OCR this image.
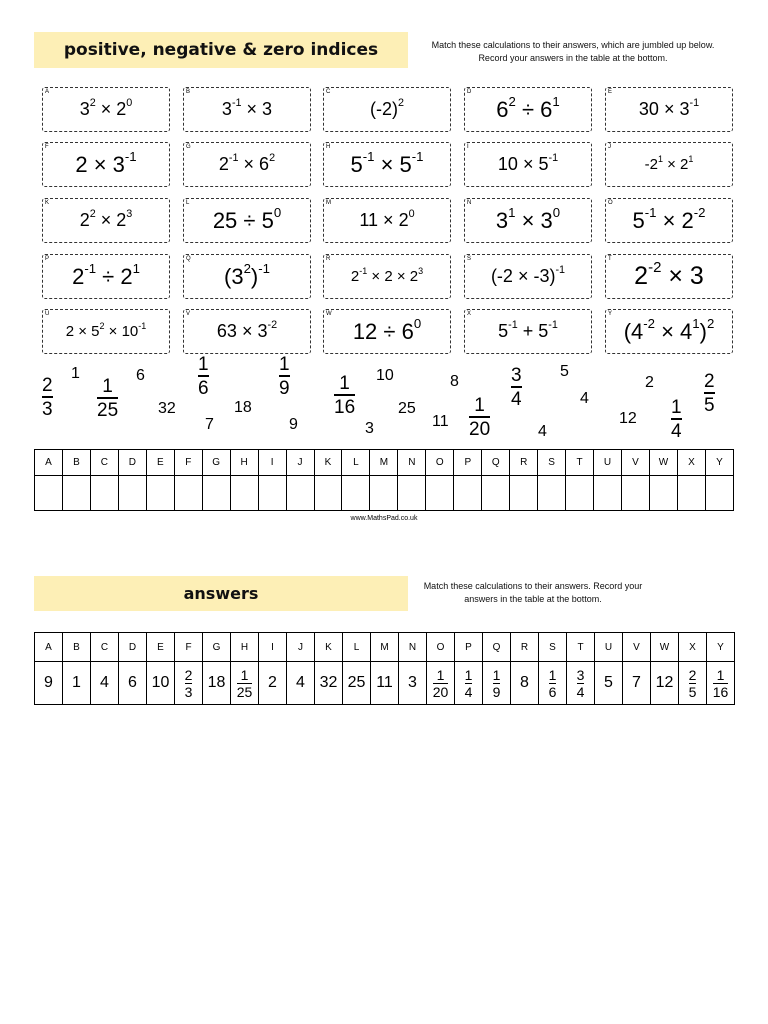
positive, negative & zero indices	Match these calculations to their answers, which are jumbled up below. Record your answers in the table at the bottom.
A
$3^2 \times 2^0$
B
$3^{-1} \times 3$
C
$(-2)^2$
D
$6^2 \div 6^1$
E
$30 \times 3^{-1}$
F
$2 \times 3^{-1}$
G
$2^{-1} \times 6^2$
H
$5^{-1} \times 5^{-1}$
I
$10 \times 5^{-1}$
J
$-2^1 \times 2^1$
K
$2^2 \times 2^3$
L
$25 \div 5^0$
M
$11 \times 2^0$
N
$3^1 \times 3^0$
O
$5^{-1} \times 2^{-2}$
P
$2^{-1} \div 2^1$
Q
$(3^2)^{-1}$
R
$2^{-1} \times 2 \times 2^3$
S
$(-2 \times -3)^{-1}$
T
$2^{-2} \times 3$
U
$2 \times 5^2 \times 10^{-1}$
V
$63 \times 3^{-2}$
W
$12 \div 6^0$
X
$5^{-1} + 5^{-1}$
Y
$(4^{-2} \times 4^1)^2$
1	6
32	18
7	9
10	8
3
25
11
5
4
4
2
12
2
3
1
25
1
6
1
9	1
16
3
4
1
20
1
4
2
5
A	B	C	D	E	F	G	H	I	J	K	L	M	N	O	P	Q	R	S	T	U	V	W	X	Y

www.MathsPad.co.uk
answers	Match these calculations to their answers. Record your answers in the table at the bottom.
A	B	C	D	E	F	G	H	I	J	K	L	M	N	O	P	Q	R	S	T	U	V	W	X	Y
9	1	4	6	10	$\frac{2}{3}$	18	$\frac{1}{25}$	2	4	32	25	11	3	$\frac{1}{20}$	$\frac{1}{4}$	$\frac{1}{9}$	8	$\frac{1}{6}$	$\frac{3}{4}$	5	7	12	$\frac{2}{5}$	$\frac{1}{16}$
